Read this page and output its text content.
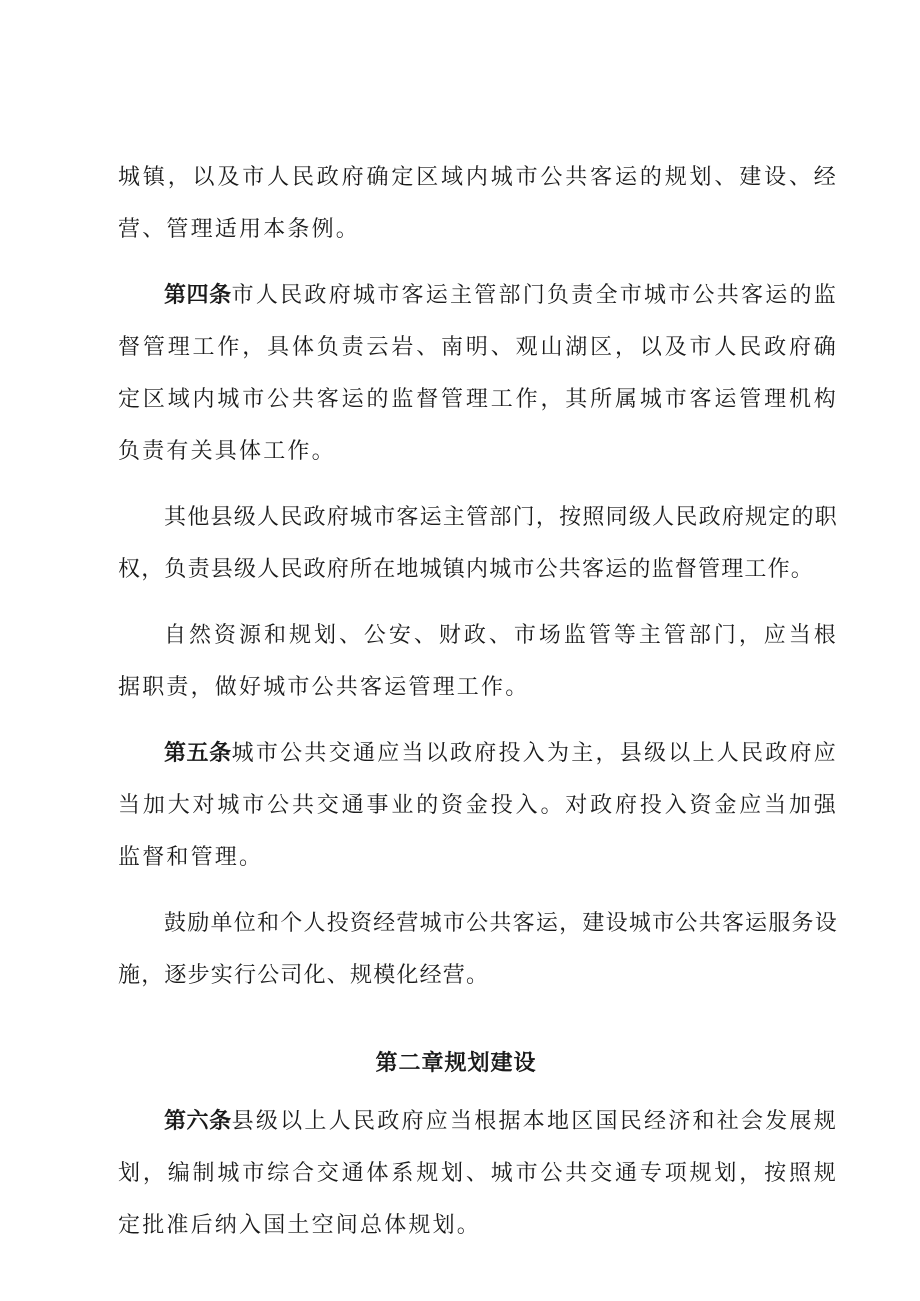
城镇，以及市人民政府确定区域内城市公共客运的规划、建设、经营、管理适用本条例。

第四条市人民政府城市客运主管部门负责全市城市公共客运的监督管理工作，具体负责云岩、南明、观山湖区，以及市人民政府确定区域内城市公共客运的监督管理工作，其所属城市客运管理机构负责有关具体工作。

其他县级人民政府城市客运主管部门，按照同级人民政府规定的职权，负责县级人民政府所在地城镇内城市公共客运的监督管理工作。

自然资源和规划、公安、财政、市场监管等主管部门，应当根据职责，做好城市公共客运管理工作。

第五条城市公共交通应当以政府投入为主，县级以上人民政府应当加大对城市公共交通事业的资金投入。对政府投入资金应当加强监督和管理。

鼓励单位和个人投资经营城市公共客运，建设城市公共客运服务设施，逐步实行公司化、规模化经营。

第二章规划建设

第六条县级以上人民政府应当根据本地区国民经济和社会发展规划，编制城市综合交通体系规划、城市公共交通专项规划，按照规定批准后纳入国土空间总体规划。
